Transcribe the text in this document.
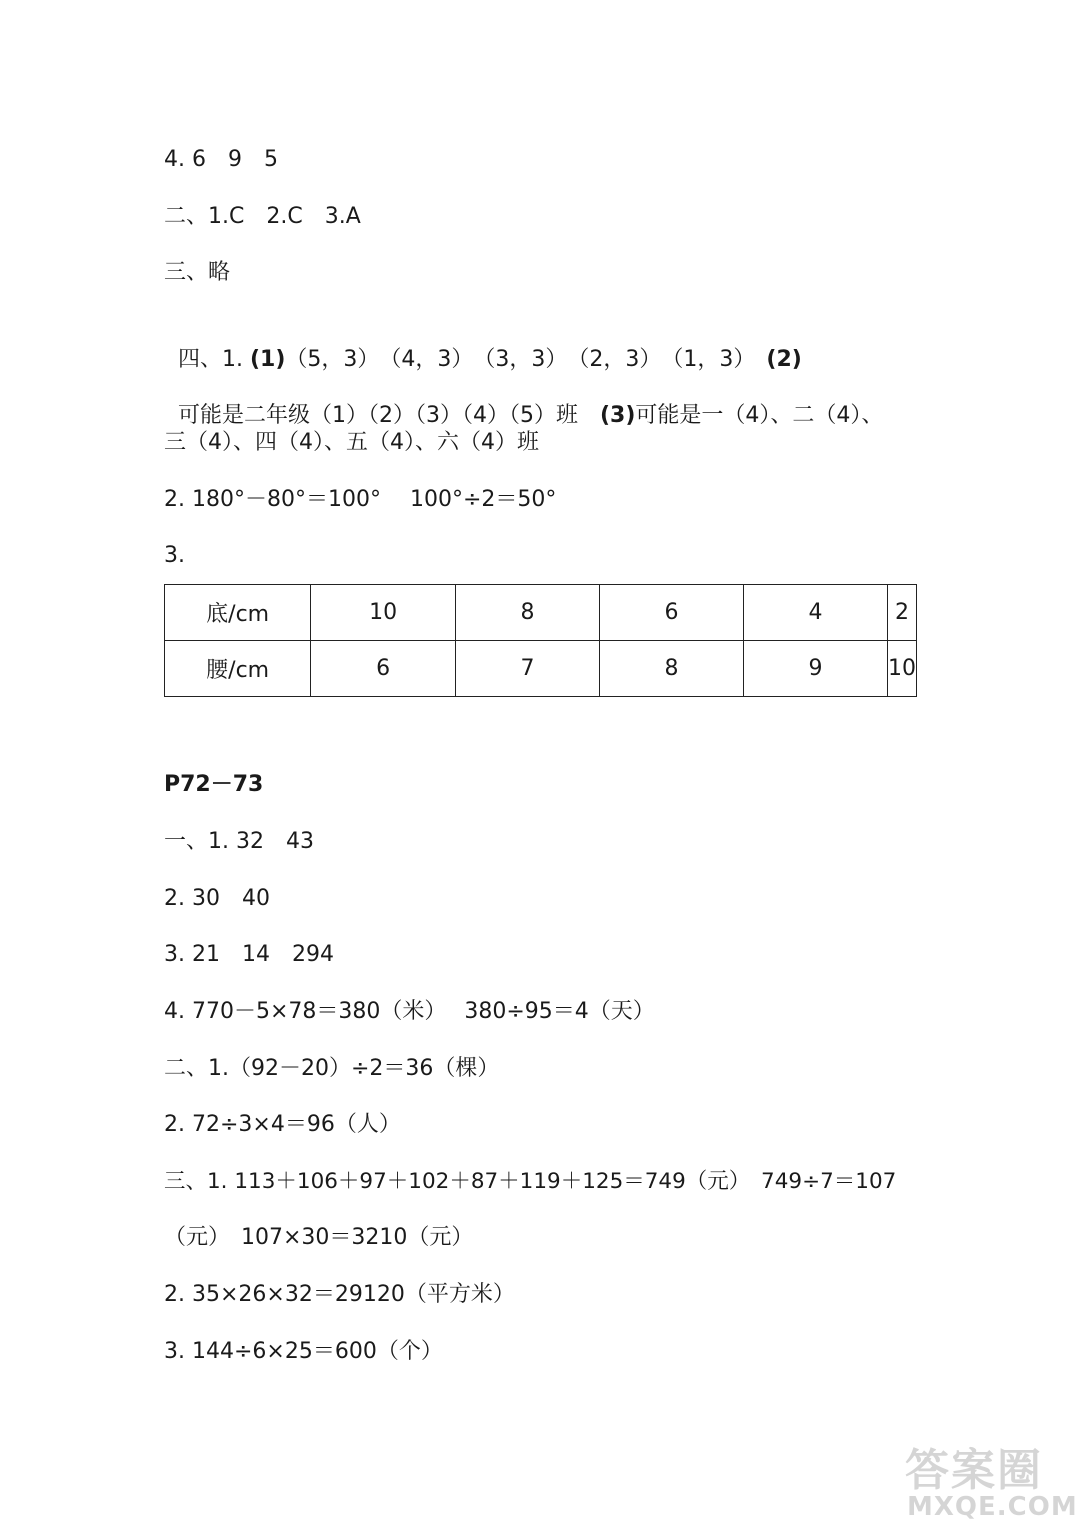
4. 6　9　5
二、1.C　2.C　3.A
三、略

四、1. (1)（5，3）　（4，3）　（3，3）　（2，3）　（1，3）　(2)

可能是二年级（1）（2）（3）（4）（5）班　(3)可能是一（4）、二（4）、

三（4）、四（4）、五（4）、六（4）班
2. 180°－80°＝100°　 100°÷2＝50°
3.
底/cm	10	8	6	4	2
腰/cm	6	7	8	9	10
P72－73
一、1. 32　43
2. 30　40
3. 21　14　294
4. 770－5×78＝380（米）　 380÷95＝4（天）
二、1.（92－20）÷2＝36（棵）
2. 72÷3×4＝96（人）
三、1. 113＋106＋97＋102＋87＋119＋125＝749（元）　749÷7＝107
（元）　107×30＝3210（元）
2. 35×26×32＝29120（平方米）
3. 144÷6×25＝600（个）
答案圈
MXQE.COM
